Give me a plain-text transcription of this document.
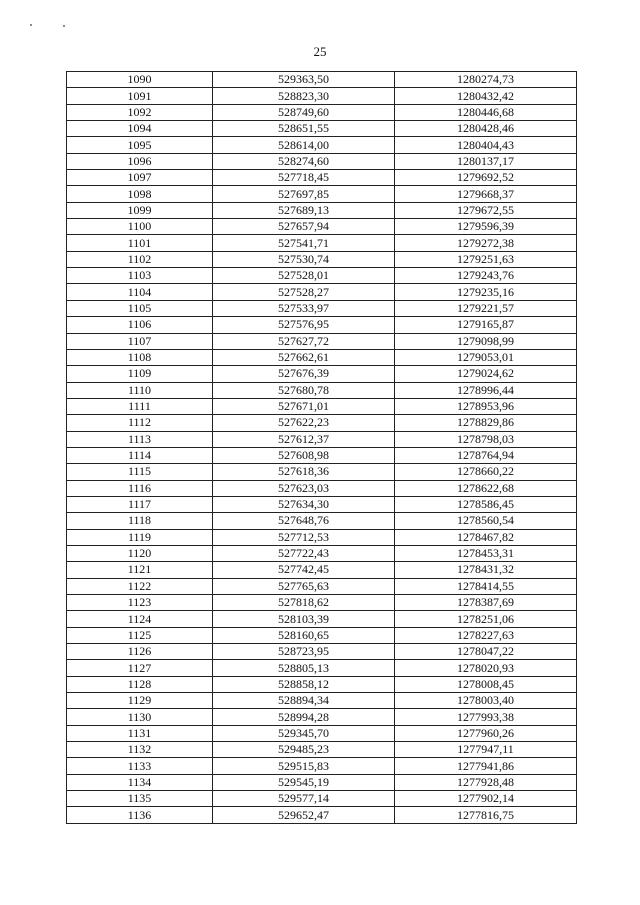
25
1090	529363,50	1280274,73
1091	528823,30	1280432,42
1092	528749,60	1280446,68
1094	528651,55	1280428,46
1095	528614,00	1280404,43
1096	528274,60	1280137,17
1097	527718,45	1279692,52
1098	527697,85	1279668,37
1099	527689,13	1279672,55
1100	527657,94	1279596,39
1101	527541,71	1279272,38
1102	527530,74	1279251,63
1103	527528,01	1279243,76
1104	527528,27	1279235,16
1105	527533,97	1279221,57
1106	527576,95	1279165,87
1107	527627,72	1279098,99
1108	527662,61	1279053,01
1109	527676,39	1279024,62
1110	527680,78	1278996,44
1111	527671,01	1278953,96
1112	527622,23	1278829,86
1113	527612,37	1278798,03
1114	527608,98	1278764,94
1115	527618,36	1278660,22
1116	527623,03	1278622,68
1117	527634,30	1278586,45
1118	527648,76	1278560,54
1119	527712,53	1278467,82
1120	527722,43	1278453,31
1121	527742,45	1278431,32
1122	527765,63	1278414,55
1123	527818,62	1278387,69
1124	528103,39	1278251,06
1125	528160,65	1278227,63
1126	528723,95	1278047,22
1127	528805,13	1278020,93
1128	528858,12	1278008,45
1129	528894,34	1278003,40
1130	528994,28	1277993,38
1131	529345,70	1277960,26
1132	529485,23	1277947,11
1133	529515,83	1277941,86
1134	529545,19	1277928,48
1135	529577,14	1277902,14
1136	529652,47	1277816,75
